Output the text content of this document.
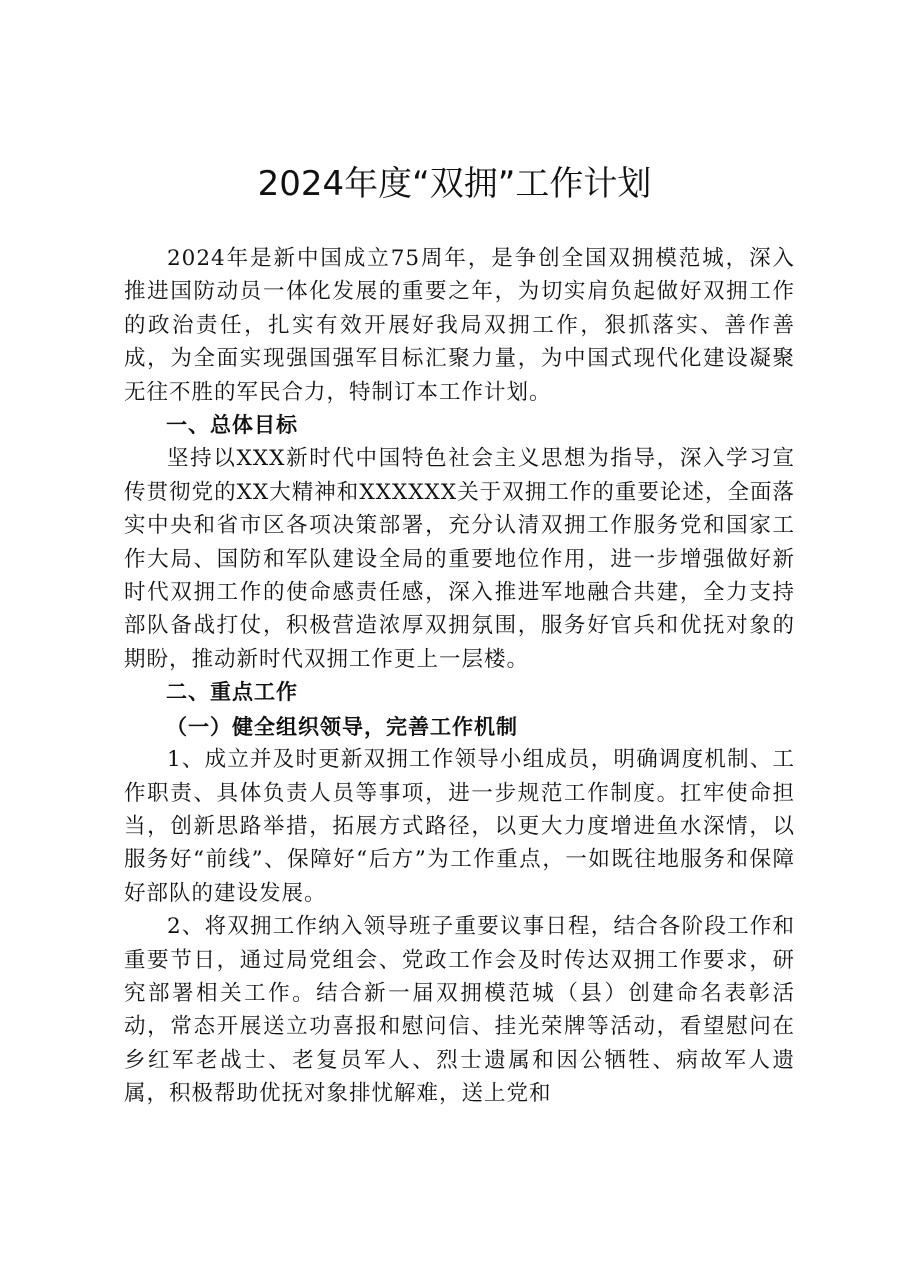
2024年度“双拥”工作计划

2024年是新中国成立75周年，是争创全国双拥模范城，深入推进国防动员一体化发展的重要之年，为切实肩负起做好双拥工作的政治责任，扎实有效开展好我局双拥工作，狠抓落实、善作善成，为全面实现强国强军目标汇聚力量，为中国式现代化建设凝聚无往不胜的军民合力，特制订本工作计划。

一、总体目标

坚持以XXX新时代中国特色社会主义思想为指导，深入学习宣传贯彻党的XX大精神和XXXXXX关于双拥工作的重要论述，全面落实中央和省市区各项决策部署，充分认清双拥工作服务党和国家工作大局、国防和军队建设全局的重要地位作用，进一步增强做好新时代双拥工作的使命感责任感，深入推进军地融合共建，全力支持部队备战打仗，积极营造浓厚双拥氛围，服务好官兵和优抚对象的期盼，推动新时代双拥工作更上一层楼。

二、重点工作

（一）健全组织领导，完善工作机制

1、成立并及时更新双拥工作领导小组成员，明确调度机制、工作职责、具体负责人员等事项，进一步规范工作制度。扛牢使命担当，创新思路举措，拓展方式路径，以更大力度增进鱼水深情，以服务好“前线”、保障好“后方”为工作重点，一如既往地服务和保障好部队的建设发展。

2、将双拥工作纳入领导班子重要议事日程，结合各阶段工作和重要节日，通过局党组会、党政工作会及时传达双拥工作要求，研究部署相关工作。结合新一届双拥模范城（县）创建命名表彰活动，常态开展送立功喜报和慰问信、挂光荣牌等活动，看望慰问在乡红军老战士、老复员军人、烈士遗属和因公牺牲、病故军人遗属，积极帮助优抚对象排忧解难，送上党和
